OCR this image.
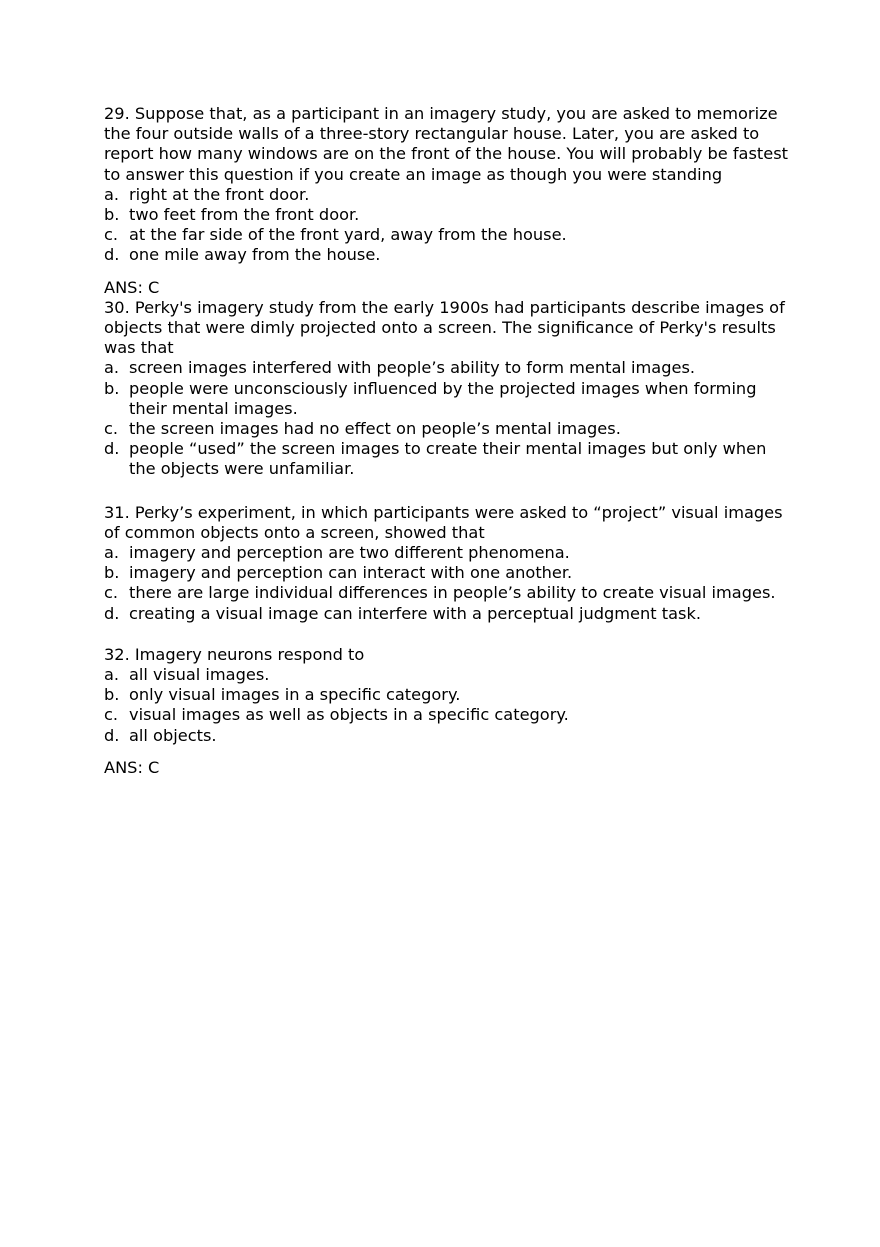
29. Suppose that, as a participant in an imagery study, you are asked to memorize the four outside walls of a three-story rectangular house. Later, you are asked to report how many windows are on the front of the house. You will probably be fastest to answer this question if you create an image as though you were standing

a. right at the front door.
b. two feet from the front door.
c. at the far side of the front yard, away from the house.
d. one mile away from the house.

ANS: C

30. Perky's imagery study from the early 1900s had participants describe images of objects that were dimly projected onto a screen. The significance of Perky's results was that

a. screen images interfered with people’s ability to form mental images.
b. people were unconsciously influenced by the projected images when forming their mental images.
c. the screen images had no effect on people’s mental images.
d. people “used” the screen images to create their mental images but only when the objects were unfamiliar.

31. Perky’s experiment, in which participants were asked to “project” visual images of common objects onto a screen, showed that

a. imagery and perception are two different phenomena.
b. imagery and perception can interact with one another.
c. there are large individual differences in people’s ability to create visual images.
d. creating a visual image can interfere with a perceptual judgment task.

32. Imagery neurons respond to

a. all visual images.
b. only visual images in a specific category.
c. visual images as well as objects in a specific category.
d. all objects.

ANS: C
